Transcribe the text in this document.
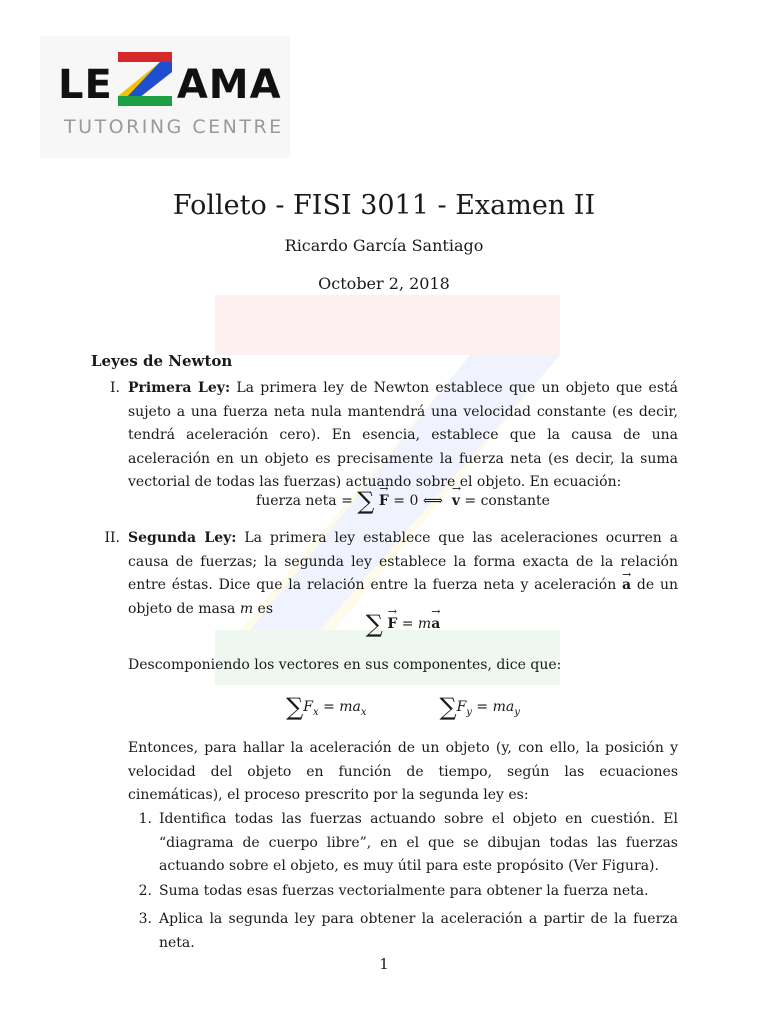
LE AMA
TUTORING CENTRE
Folleto - FISI 3011 - Examen II
Ricardo García Santiago
October 2, 2018
Leyes de Newton
I. Primera Ley: La primera ley de Newton establece que un objeto que está sujeto a una fuerza neta nula mantendrá una velocidad constante (es decir, tendrá aceleración cero). En esencia, establece que la causa de una aceleración en un objeto es precisamente la fuerza neta (es decir, la suma vectorial de todas las fuerzas) actuando sobre el objeto. En ecuación:
fuerza neta = ∑ → F = 0 ⟺ → v = constante
II. Segunda Ley: La primera ley establece que las aceleraciones ocurren a causa de fuerzas; la segunda ley establece la forma exacta de la relación entre éstas. Dice que la relación entre la fuerza neta y aceleración → a de un objeto de masa m es
∑ → F = m→ a
Descomponiendo los vectores en sus componentes, dice que:
$\sum F_x = ma_x$	$\sum F_y = ma_y$
Entonces, para hallar la aceleración de un objeto (y, con ello, la posición y velocidad del objeto en función de tiempo, según las ecuaciones cinemáticas), el proceso prescrito por la segunda ley es:
1. Identifica todas las fuerzas actuando sobre el objeto en cuestión. El “diagrama de cuerpo libre”, en el que se dibujan todas las fuerzas actuando sobre el objeto, es muy útil para este propósito (Ver Figura).
2. Suma todas esas fuerzas vectorialmente para obtener la fuerza neta.
3. Aplica la segunda ley para obtener la aceleración a partir de la fuerza neta.
1
